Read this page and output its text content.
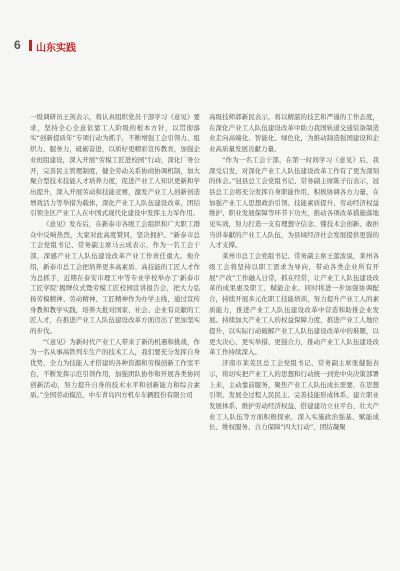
6 山东实践

一级调研员王剑表示，将认真组织党员干部学习《意见》要求，坚持全心全意依靠工人阶级的根本方针，以贯彻落实“创新提质年”专项行动为抓手，不断增强工会引领力、组织力、服务力，砥砺奋进，以质好更精彩宣传教育，加强企业班组建设，深入开展“劳模工匠进校园”行动，深化厂务公开，完善民主管理制度，健全劳动关系协商协调机制，加大聚合型技术技能人才培养力度，促进产业工人知识更新和学历提升，深入开展劳动和技能竞赛，激发产业工人创新创造增效活力等举措为载体，深化产业工人队伍建设改革，团结引领全区产业工人在中国式现代化建设中发挥主力军作用。

《意见》发布后，在新泰市各级工会组织和广大职工群众中反响热烈，大家对此高度赞同，坚决拥护。“新泰市总工会党组书记、常务副主席马云成表示，作为一名工会干部，深感产业工人队伍建设改革产业工作责任重大。他介绍，新泰市总工会把培养更多高素质、高技能的工匠人才作为总抓手，近期在泰安市理工中等专业学校举办了‘新泰市工匠学院’揭牌仪式暨劳模工匠校园宣讲报告会，把大力弘扬劳模精神、劳动精神、工匠精神作为办学主线，通过宣传身教和教学实践，培养大批对国家、社会、企业有贡献的工匠人才，在推进产业工人队伍建设改革方面迈出了更加坚实的步伐。

“《意见》为新时代产业工人带来了新的机遇和挑战，作为一名从事高铁列车生产的技术工人，我们要充分发挥自身优势，全力为技能人才搭建的各种资源和劳模创新工作室平台，不断发挥示范引领作用，加强团队协作和开展各类协同创新活动，努力提升自身的技术水平和创新能力和综合素质。”全国劳动模范，中车青岛四方机车车辆股份有限公司

高级技师郭新民表示，将以精湛的技艺和严谨的工作态度，在深化产业工人队伍建设改革中助力我国轨道交通装备制造业走向高端化、智能化、绿色化，为推动制造强国建设和企业高质量发展贡献力量。

“作为一名工会干部，在第一时间学习《意见》后，我深受启发，对深化产业工人队伍建设改革工作有了更为深刻的体会。”冠县总工会党组书记、常务副主席陈子衍表示，冠县总工会将充分发挥自身职能作用，积极协调各方力量，在加强产业工人思想政治引领、技能素质提升、劳动经济权益维护、职业发展保障等环节下功夫，推动各项改革措施落地见实效，努力打造一支有理想守信念、懂技术会创新、敢担当讲奉献的产业工人队伍，为县域经济社会发展提供更强的人才支撑。

莱州市总工会党组书记、常务副主席王蕾波说，莱州各级工会将坚持以职工需求为导向，带动各类企业所有开展“产改”工作融入日常，抓在经常，让产业工人队伍建设改革的成果惠及职工、赋能企业。同时将进一步加强协调配合，持续开展多元化职工技能培训，努力提升产业工人的素质能力，推进产业工人队伍建设改革中营造和助推企业发展。持续加大产业工人的权益保障力度，推进产业工人地位提升，以实际行动破解产业工人队伍建设改革中的难题，以更大决心、更实举措、更强合力，推动产业工人队伍建设改革工作持续深入。

济南市莱芜区总工会党组书记、常务副主席张健强表示，将切实把产业工人的思想和行动统一到党中央决策部署上来，主动靠前服务，聚焦产业工人队伍成长需要，在思想引领、发展全过程人民民主、完善技能形成体系、建立职业发展体系、维护劳动经济权益、搭建建功立业平台、壮大产业工人队伍等方面积极探索，深入实施政治强基、赋能成长、维权服务、合力保障“四大行动”，团结凝聚
